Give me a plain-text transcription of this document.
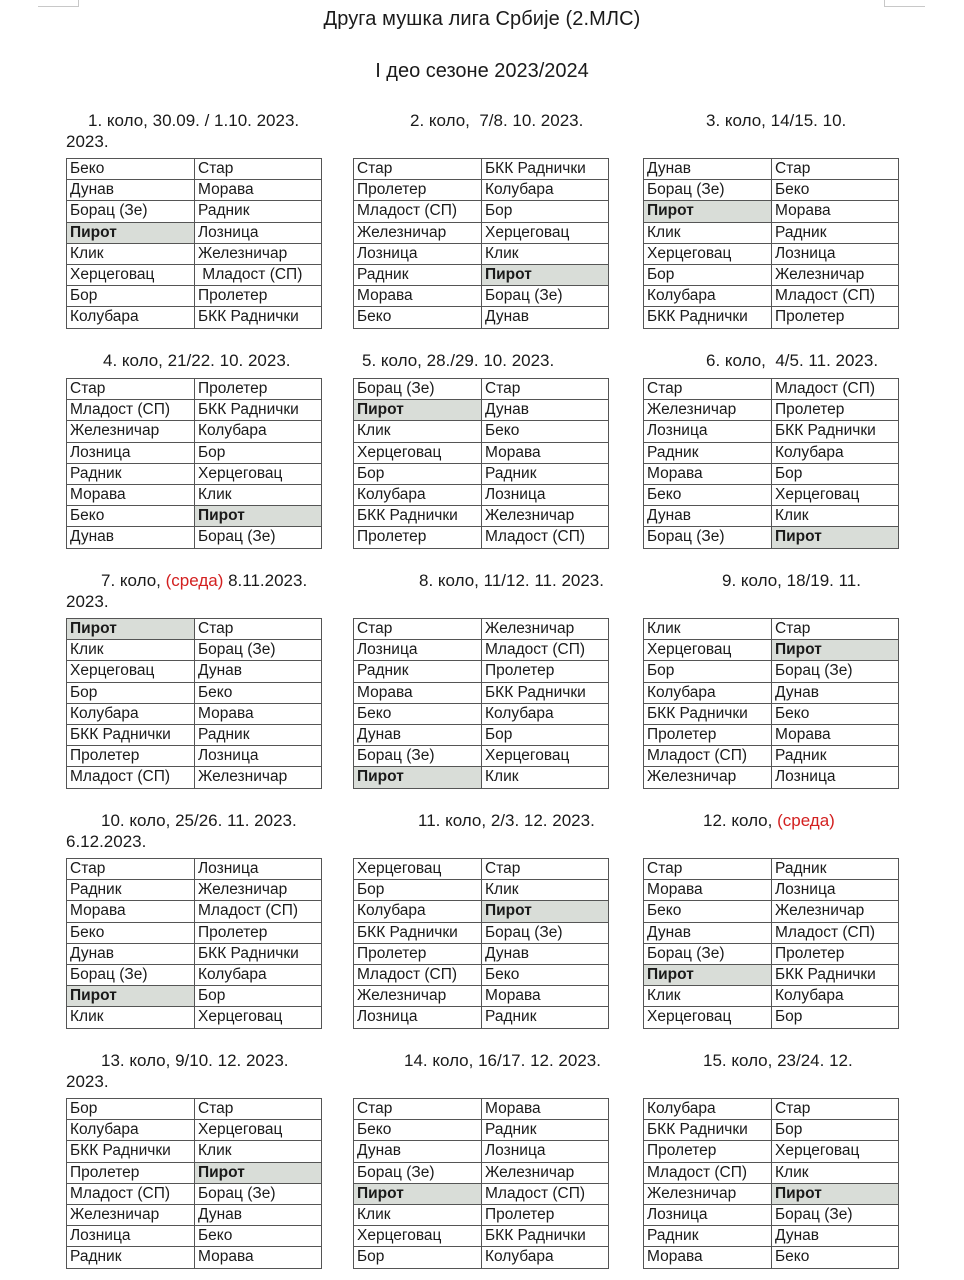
Друга мушка лига Србије (2.МЛС)
I део сезоне 2023/2024
1. коло, 30.09. / 1.10. 2023.
2023.
Беко	Стар
Дунав	Морава
Борац (Зе)	Радник
Пирот	Лозница
Клик	Железничар
Херцеговац	Младост (СП)
Бор	Пролетер
Колубара	БКК Раднички
2. коло,  7/8. 10. 2023.
Стар	БКК Раднички
Пролетер	Колубара
Младост (СП)	Бор
Железничар	Херцеговац
Лозница	Клик
Радник	Пирот
Морава	Борац (Зе)
Беко	Дунав
3. коло, 14/15. 10.
Дунав	Стар
Борац (Зе)	Беко
Пирот	Морава
Клик	Радник
Херцеговац	Лозница
Бор	Железничар
Колубара	Младост (СП)
БКК Раднички	Пролетер
4. коло, 21/22. 10. 2023.
Стар	Пролетер
Младост (СП)	БКК Раднички
Железничар	Колубара
Лозница	Бор
Радник	Херцеговац
Морава	Клик
Беко	Пирот
Дунав	Борац (Зе)
5. коло, 28./29. 10. 2023.
Борац (Зе)	Стар
Пирот	Дунав
Клик	Беко
Херцеговац	Морава
Бор	Радник
Колубара	Лозница
БКК Раднички	Железничар
Пролетер	Младост (СП)
6. коло,  4/5. 11. 2023.
Стар	Младост (СП)
Железничар	Пролетер
Лозница	БКК Раднички
Радник	Колубара
Морава	Бор
Беко	Херцеговац
Дунав	Клик
Борац (Зе)	Пирот
7. коло, (среда) 8.11.2023.
2023.
Пирот	Стар
Клик	Борац (Зе)
Херцеговац	Дунав
Бор	Беко
Колубара	Морава
БКК Раднички	Радник
Пролетер	Лозница
Младост (СП)	Железничар
8. коло, 11/12. 11. 2023.
Стар	Железничар
Лозница	Младост (СП)
Радник	Пролетер
Морава	БКК Раднички
Беко	Колубара
Дунав	Бор
Борац (Зе)	Херцеговац
Пирот	Клик
9. коло, 18/19. 11.
Клик	Стар
Херцеговац	Пирот
Бор	Борац (Зе)
Колубара	Дунав
БКК Раднички	Беко
Пролетер	Морава
Младост (СП)	Радник
Железничар	Лозница
10. коло, 25/26. 11. 2023.
6.12.2023.
Стар	Лозница
Радник	Железничар
Морава	Младост (СП)
Беко	Пролетер
Дунав	БКК Раднички
Борац (Зе)	Колубара
Пирот	Бор
Клик	Херцеговац
11. коло, 2/3. 12. 2023.
Херцеговац	Стар
Бор	Клик
Колубара	Пирот
БКК Раднички	Борац (Зе)
Пролетер	Дунав
Младост (СП)	Беко
Железничар	Морава
Лозница	Радник
12. коло, (среда)
Стар	Радник
Морава	Лозница
Беко	Железничар
Дунав	Младост (СП)
Борац (Зе)	Пролетер
Пирот	БКК Раднички
Клик	Колубара
Херцеговац	Бор
13. коло, 9/10. 12. 2023.
2023.
Бор	Стар
Колубара	Херцеговац
БКК Раднички	Клик
Пролетер	Пирот
Младост (СП)	Борац (Зе)
Железничар	Дунав
Лозница	Беко
Радник	Морава
14. коло, 16/17. 12. 2023.
Стар	Морава
Беко	Радник
Дунав	Лозница
Борац (Зе)	Железничар
Пирот	Младост (СП)
Клик	Пролетер
Херцеговац	БКК Раднички
Бор	Колубара
15. коло, 23/24. 12.
Колубара	Стар
БКК Раднички	Бор
Пролетер	Херцеговац
Младост (СП)	Клик
Железничар	Пирот
Лозница	Борац (Зе)
Радник	Дунав
Морава	Беко
